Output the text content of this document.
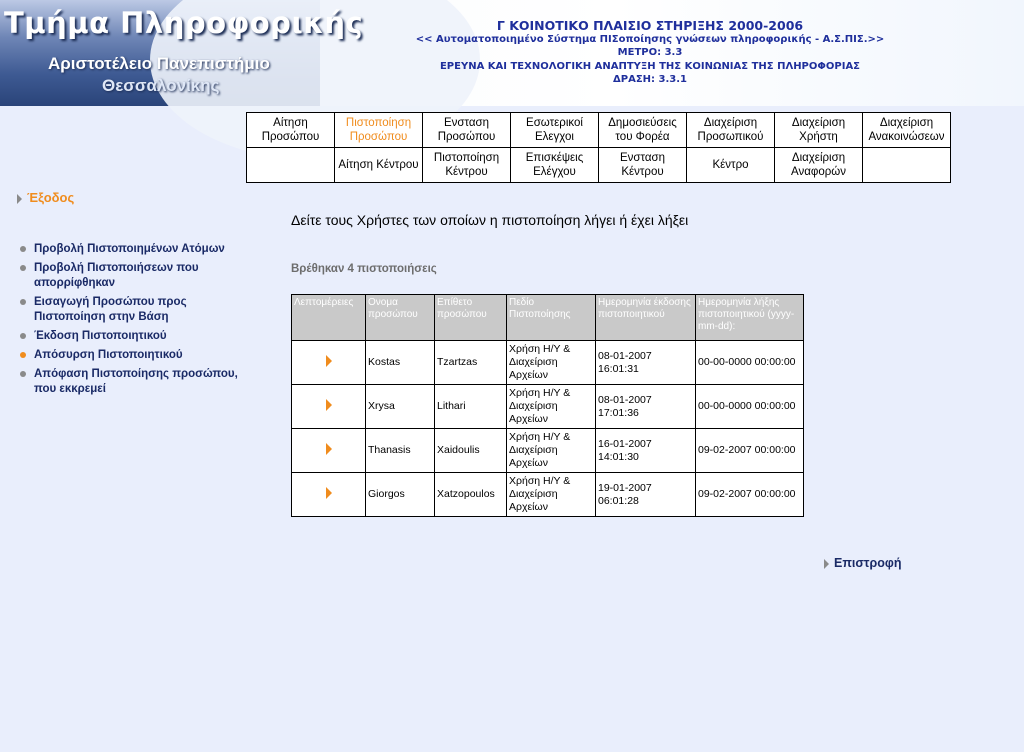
Τμήμα Πληροφορικής
Αριστοτέλειο Πανεπιστήμιο
Θεσσαλονίκης
Γ ΚΟΙΝΟΤΙΚΟ ΠΛΑΙΣΙΟ ΣΤΗΡΙΞΗΣ 2000-2006
<< Αυτοματοποιημένο Σύστημα ΠΙΣοποίησης γνώσεων πληροφορικής - Α.Σ.ΠΙΣ.>>
ΜΕΤΡΟ: 3.3
ΕΡΕΥΝΑ ΚΑΙ ΤΕΧΝΟΛΟΓΙΚΗ ΑΝΑΠΤΥΞΗ ΤΗΣ ΚΟΙΝΩΝΙΑΣ ΤΗΣ ΠΛΗΡΟΦΟΡΙΑΣ
ΔΡΑΣΗ: 3.3.1
Αίτηση Προσώπου	Πιστοποίηση Προσώπου	Ενσταση Προσώπου	Εσωτερικοί Ελεγχοι	Δημοσιεύσεις του Φορέα	Διαχείριση Προσωπικού	Διαχείριση Χρήστη	Διαχείριση Ανακοινώσεων
	Αίτηση Κέντρου	Πιστοποίηση Κέντρου	Επισκέψεις Ελέγχου	Ενσταση Κέντρου	Κέντρο	Διαχείριση Αναφορών	
Έξοδος
Προβολή Πιστοποιημένων Ατόμων
Προβολή Πιστοποιήσεων που απορρίφθηκαν
Εισαγωγή Προσώπου προς Πιστοποίηση στην Βάση
Έκδοση Πιστοποιητικού
Απόσυρση Πιστοποιητικού
Απόφαση Πιστοποίησης προσώπου, που εκκρεμεί
Δείτε τους Χρήστες των οποίων η πιστοποίηση λήγει ή έχει λήξει
Βρέθηκαν 4 πιστοποιήσεις
Λεπτομέρειες	Ονομα προσώπου	Επίθετο προσώπου	Πεδίο Πιστοποίησης	Ημερομηνία έκδοσης πιστοποιητικού	Ημερομηνία λήξης πιστοποιητικού (yyyy-mm-dd):
	Kostas	Tzartzas	Χρήση Η/Υ & Διαχείριση Αρχείων	08-01-2007 16:01:31	00-00-0000 00:00:00
	Xrysa	Lithari	Χρήση Η/Υ & Διαχείριση Αρχείων	08-01-2007 17:01:36	00-00-0000 00:00:00
	Thanasis	Xaidoulis	Χρήση Η/Υ & Διαχείριση Αρχείων	16-01-2007 14:01:30	09-02-2007 00:00:00
	Giorgos	Xatzopoulos	Χρήση Η/Υ & Διαχείριση Αρχείων	19-01-2007 06:01:28	09-02-2007 00:00:00
Επιστροφή
